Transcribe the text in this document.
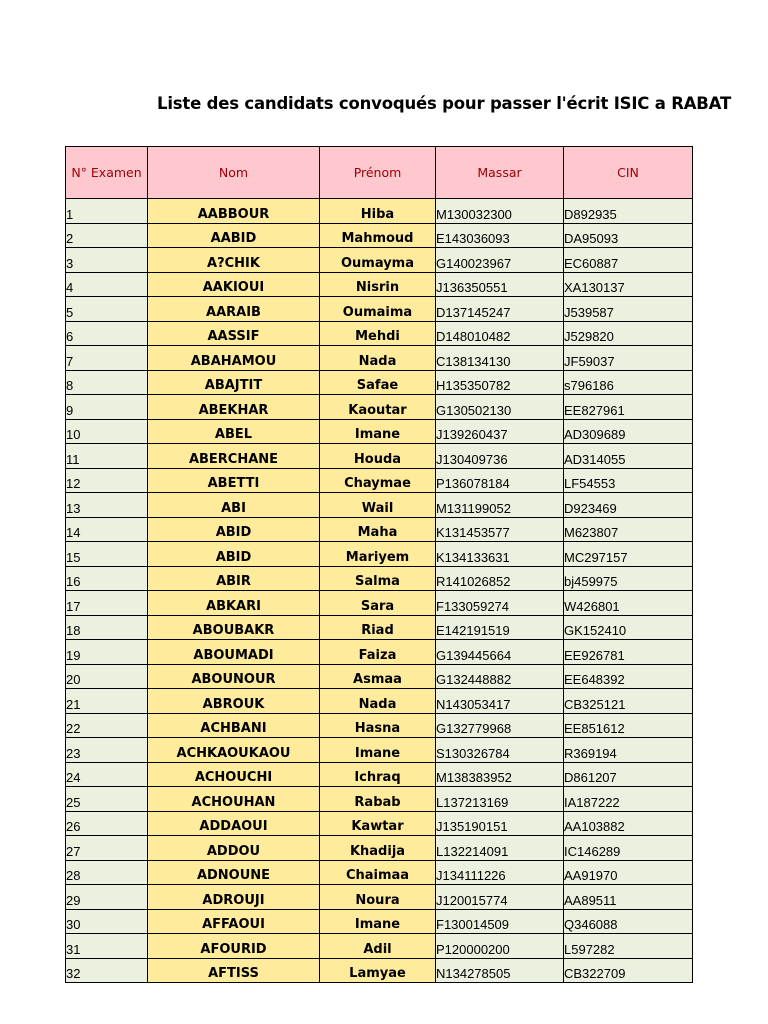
Liste des candidats convoqués pour passer l'écrit ISIC a RABAT
N° Examen	Nom	Prénom	Massar	CIN
1	AABBOUR	Hiba	M130032300	D892935
2	AABID	Mahmoud	E143036093	DA95093
3	A?CHIK	Oumayma	G140023967	EC60887
4	AAKIOUI	Nisrin	J136350551	XA130137
5	AARAIB	Oumaima	D137145247	J539587
6	AASSIF	Mehdi	D148010482	J529820
7	ABAHAMOU	Nada	C138134130	JF59037
8	ABAJTIT	Safae	H135350782	s796186
9	ABEKHAR	Kaoutar	G130502130	EE827961
10	ABEL	Imane	J139260437	AD309689
11	ABERCHANE	Houda	J130409736	AD314055
12	ABETTI	Chaymae	P136078184	LF54553
13	ABI	Wail	M131199052	D923469
14	ABID	Maha	K131453577	M623807
15	ABID	Mariyem	K134133631	MC297157
16	ABIR	Salma	R141026852	bj459975
17	ABKARI	Sara	F133059274	W426801
18	ABOUBAKR	Riad	E142191519	GK152410
19	ABOUMADI	Faiza	G139445664	EE926781
20	ABOUNOUR	Asmaa	G132448882	EE648392
21	ABROUK	Nada	N143053417	CB325121
22	ACHBANI	Hasna	G132779968	EE851612
23	ACHKAOUKAOU	Imane	S130326784	R369194
24	ACHOUCHI	Ichraq	M138383952	D861207
25	ACHOUHAN	Rabab	L137213169	IA187222
26	ADDAOUI	Kawtar	J135190151	AA103882
27	ADDOU	Khadija	L132214091	IC146289
28	ADNOUNE	Chaimaa	J134111226	AA91970
29	ADROUJI	Noura	J120015774	AA89511
30	AFFAOUI	Imane	F130014509	Q346088
31	AFOURID	Adil	P120000200	L597282
32	AFTISS	Lamyae	N134278505	CB322709
